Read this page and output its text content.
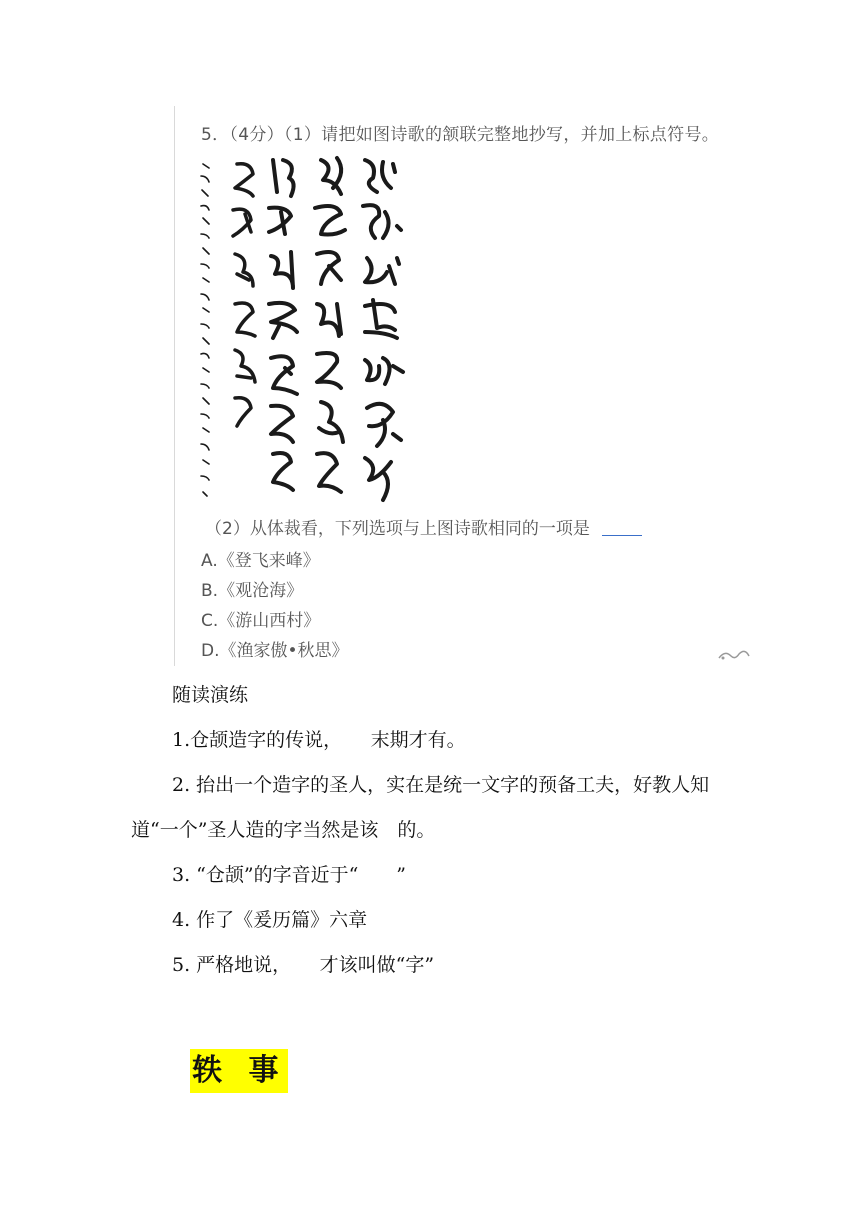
5．（4分）（1）请把如图诗歌的颔联完整地抄写，并加上标点符号。
（2）从体裁看，下列选项与上图诗歌相同的一项是
A.《登飞来峰》
B.《观沧海》
C.《游山西村》
D.《渔家傲•秋思》
随读演练
1.仓颉造字的传说，　　末期才有。
2. 抬出一个造字的圣人，实在是统一文字的预备工夫，好教人知
道“一个”圣人造的字当然是该　的。
3. “仓颉”的字音近于“　　”
4. 作了《爰历篇》六章
5. 严格地说，　　才该叫做“字”
轶 事
